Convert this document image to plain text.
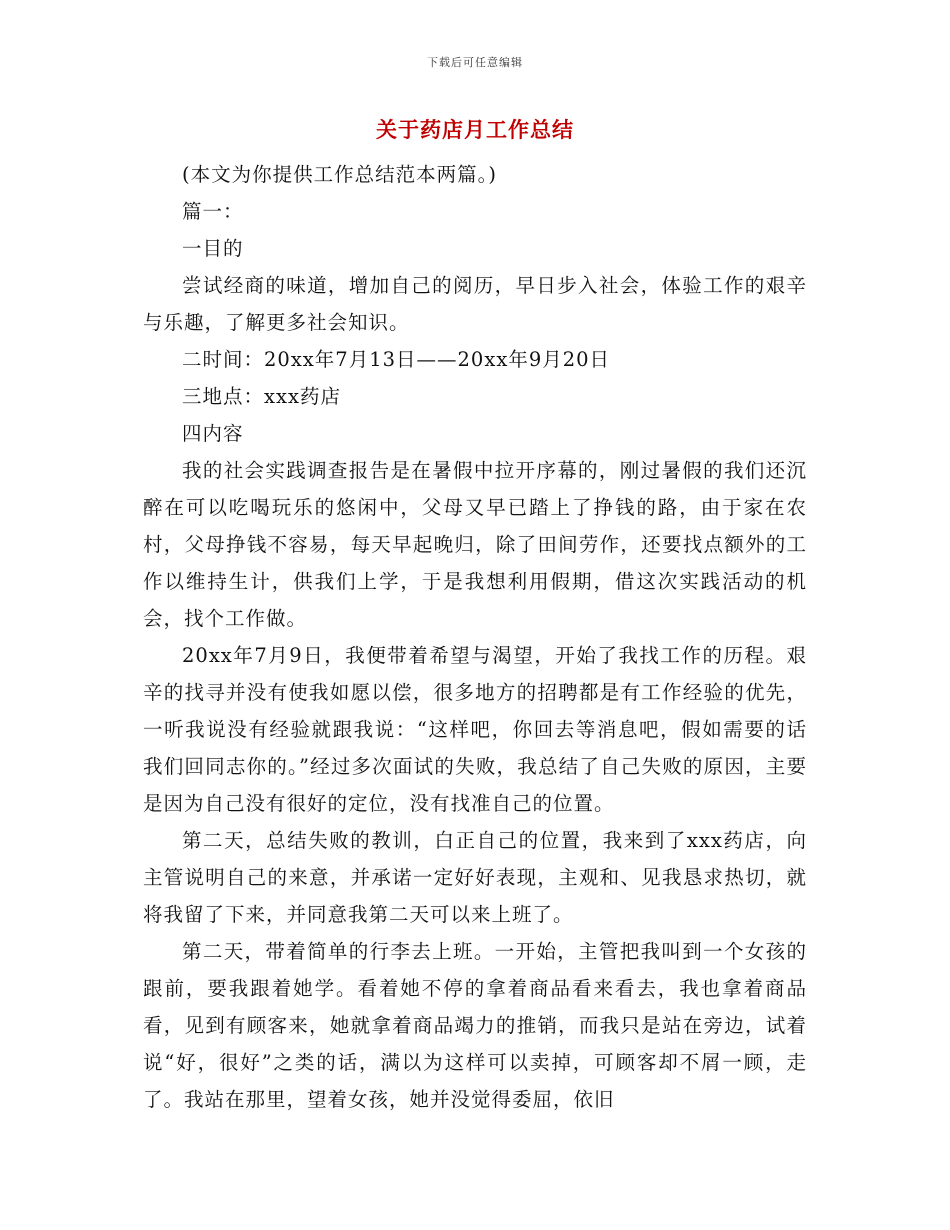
下载后可任意编辑
关于药店月工作总结

(本文为你提供工作总结范本两篇。)

篇一：

一目的

尝试经商的味道，增加自己的阅历，早日步入社会，体验工作的艰辛与乐趣，了解更多社会知识。

二时间：20xx年7月13日——20xx年9月20日

三地点：xxx药店

四内容

我的社会实践调查报告是在暑假中拉开序幕的，刚过暑假的我们还沉醉在可以吃喝玩乐的悠闲中，父母又早已踏上了挣钱的路，由于家在农村，父母挣钱不容易，每天早起晚归，除了田间劳作，还要找点额外的工作以维持生计，供我们上学，于是我想利用假期，借这次实践活动的机会，找个工作做。

20xx年7月9日，我便带着希望与渴望，开始了我找工作的历程。艰辛的找寻并没有使我如愿以偿，很多地方的招聘都是有工作经验的优先，一听我说没有经验就跟我说：“这样吧，你回去等消息吧，假如需要的话我们回同志你的。”经过多次面试的失败，我总结了自己失败的原因，主要是因为自己没有很好的定位，没有找准自己的位置。

第二天，总结失败的教训，白正自己的位置，我来到了xxx药店，向主管说明自己的来意，并承诺一定好好表现，主观和、见我恳求热切，就将我留了下来，并同意我第二天可以来上班了。

第二天，带着简单的行李去上班。一开始，主管把我叫到一个女孩的跟前，要我跟着她学。看着她不停的拿着商品看来看去，我也拿着商品看，见到有顾客来，她就拿着商品竭力的推销，而我只是站在旁边，试着说“好，很好”之类的话，满以为这样可以卖掉，可顾客却不屑一顾，走了。我站在那里，望着女孩，她并没觉得委屈，依旧
